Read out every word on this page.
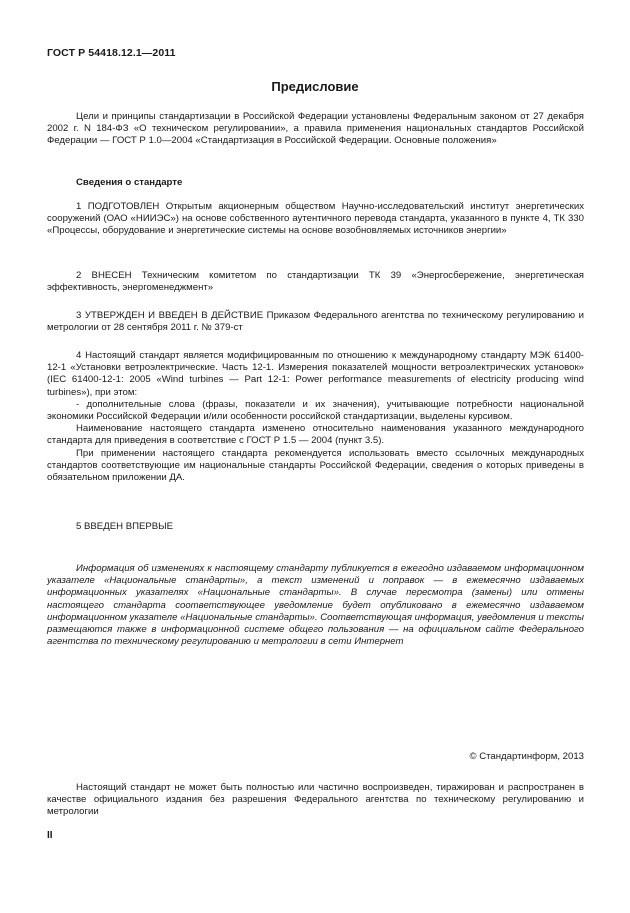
ГОСТ Р 54418.12.1—2011
Предисловие

Цели и принципы стандартизации в Российской Федерации установлены Федеральным законом от 27 декабря 2002 г. N 184-ФЗ «О техническом регулировании», а правила применения национальных стандартов Российской Федерации — ГОСТ Р 1.0—2004 «Стандартизация в Российской Федерации. Основные положения»

Сведения о стандарте

1 ПОДГОТОВЛЕН Открытым акционерным обществом Научно-исследовательский институт энергетических сооружений (ОАО «НИИЭС») на основе собственного аутентичного перевода стандарта, указанного в пункте 4, ТК 330 «Процессы, оборудование и энергетические системы на основе возобновляемых источников энергии»

2 ВНЕСЕН Техническим комитетом по стандартизации ТК 39 «Энергосбережение, энергетическая эффективность, энергоменеджмент»

3 УТВЕРЖДЕН И ВВЕДЕН В ДЕЙСТВИЕ Приказом Федерального агентства по техническому регулированию и метрологии от 28 сентября 2011 г. № 379-ст

4 Настоящий стандарт является модифицированным по отношению к международному стандарту МЭК 61400-12-1 «Установки ветроэлектрические. Часть 12-1. Измерения показателей мощности ветроэлектрических установок» (IEC 61400-12-1: 2005 «Wind turbines — Part 12-1: Power performance measurements of electricity producing wind turbines»), при этом:

- дополнительные слова (фразы, показатели и их значения), учитывающие потребности национальной экономики Российской Федерации и/или особенности российской стандартизации, выделены курсивом.

Наименование настоящего стандарта изменено относительно наименования указанного международного стандарта для приведения в соответствие с ГОСТ Р 1.5 — 2004 (пункт 3.5).

При применении настоящего стандарта рекомендуется использовать вместо ссылочных международных стандартов соответствующие им национальные стандарты Российской Федерации, сведения о которых приведены в обязательном приложении ДА.

5 ВВЕДЕН ВПЕРВЫЕ

Информация об изменениях к настоящему стандарту публикуется в ежегодно издаваемом информационном указателе «Национальные стандарты», а текст изменений и поправок — в ежемесячно издаваемых информационных указателях «Национальные стандарты». В случае пересмотра (замены) или отмены настоящего стандарта соответствующее уведомление будет опубликовано в ежемесячно издаваемом информационном указателе «Национальные стандарты». Соответствующая информация, уведомления и тексты размещаются также в информационной системе общего пользования — на официальном сайте Федерального агентства по техническому регулированию и метрологии в сети Интернет

© Стандартинформ, 2013

Настоящий стандарт не может быть полностью или частично воспроизведен, тиражирован и распространен в качестве официального издания без разрешения Федерального агентства по техническому регулированию и метрологии

II
